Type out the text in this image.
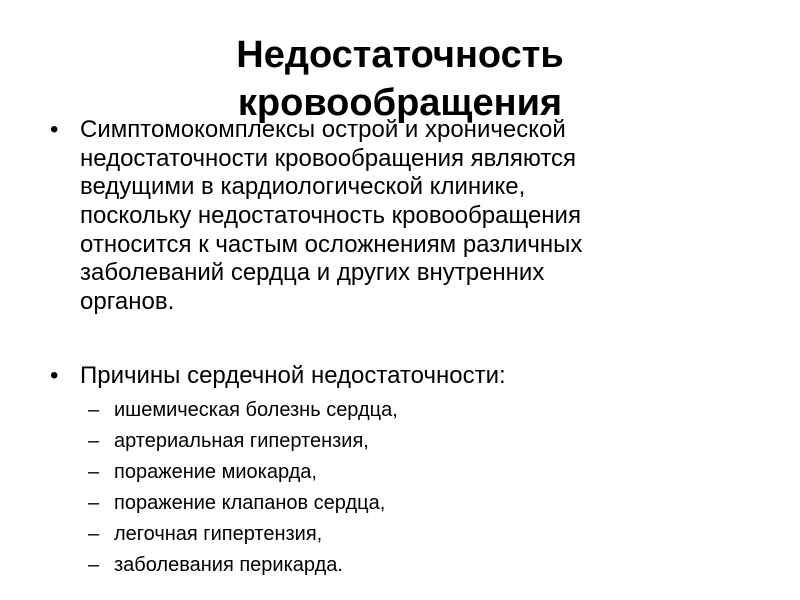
Недостаточность
кровообращения
• Симптомокомплексы острой и хронической
недостаточности кровообращения являются
ведущими в кардиологической клинике,
поскольку недостаточность кровообращения
относится к частым осложнениям различных
заболеваний сердца и других внутренних
органов.
• Причины сердечной недостаточности:
– ишемическая болезнь сердца,
– артериальная гипертензия,
– поражение миокарда,
– поражение клапанов сердца,
– легочная гипертензия,
– заболевания перикарда.
